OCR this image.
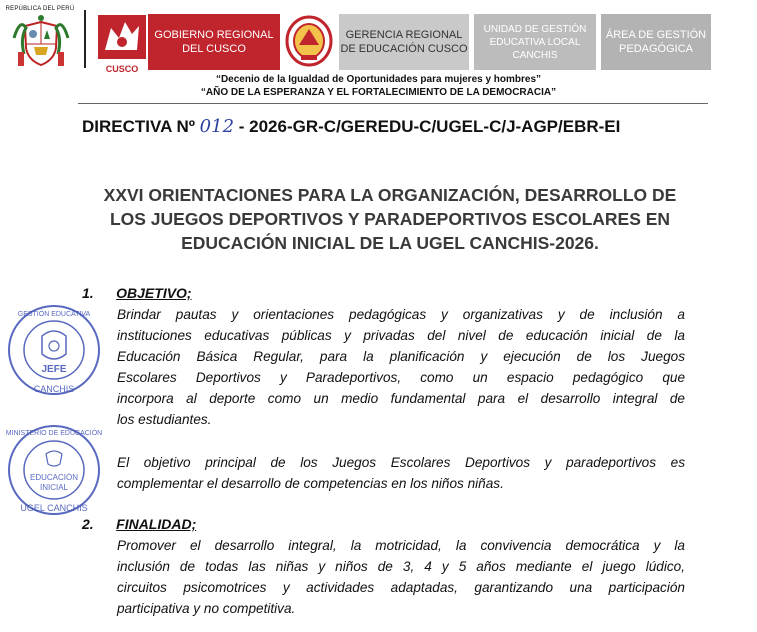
REPÚBLICA DEL PERÚ
CUSCO
GOBIERNO REGIONAL DEL CUSCO
GERENCIA REGIONAL DE EDUCACIÓN CUSCO
UNIDAD DE GESTIÓN EDUCATIVA LOCAL CANCHIS
ÁREA DE GESTIÓN PEDAGÓGICA
“Decenio de la Igualdad de Oportunidades para mujeres y hombres”
“AÑO DE LA ESPERANZA Y EL FORTALECIMIENTO DE LA DEMOCRACIA”
DIRECTIVA Nº 012 - 2026-GR-C/GEREDU-C/UGEL-C/J-AGP/EBR-EI
XXVI ORIENTACIONES PARA LA ORGANIZACIÓN, DESARROLLO DE
LOS JUEGOS DEPORTIVOS Y PARADEPORTIVOS ESCOLARES EN
EDUCACIÓN INICIAL DE LA UGEL CANCHIS-2026.
1. OBJETIVO;
Brindar pautas y orientaciones pedagógicas y organizativas y de inclusión a
instituciones educativas públicas y privadas del nivel de educación inicial de la
Educación Básica Regular, para la planificación y ejecución de los Juegos
Escolares Deportivos y Paradeportivos, como un espacio pedagógico que
incorpora al deporte como un medio fundamental para el desarrollo integral de
los estudiantes.
El objetivo principal de los Juegos Escolares Deportivos y paradeportivos es
complementar el desarrollo de competencias en los niños niñas.
2. FINALIDAD;
Promover el desarrollo integral, la motricidad, la convivencia democrática y la
inclusión de todas las niñas y niños de 3, 4 y 5 años mediante el juego lúdico,
circuitos psicomotrices y actividades adaptadas, garantizando una participación
participativa y no competitiva.
JEFE
CANCHIS
GESTIÓN EDUCATIVA
EDUCACIÓN
INICIAL
UGEL CANCHIS
MINISTERIO DE EDUCACIÓN
